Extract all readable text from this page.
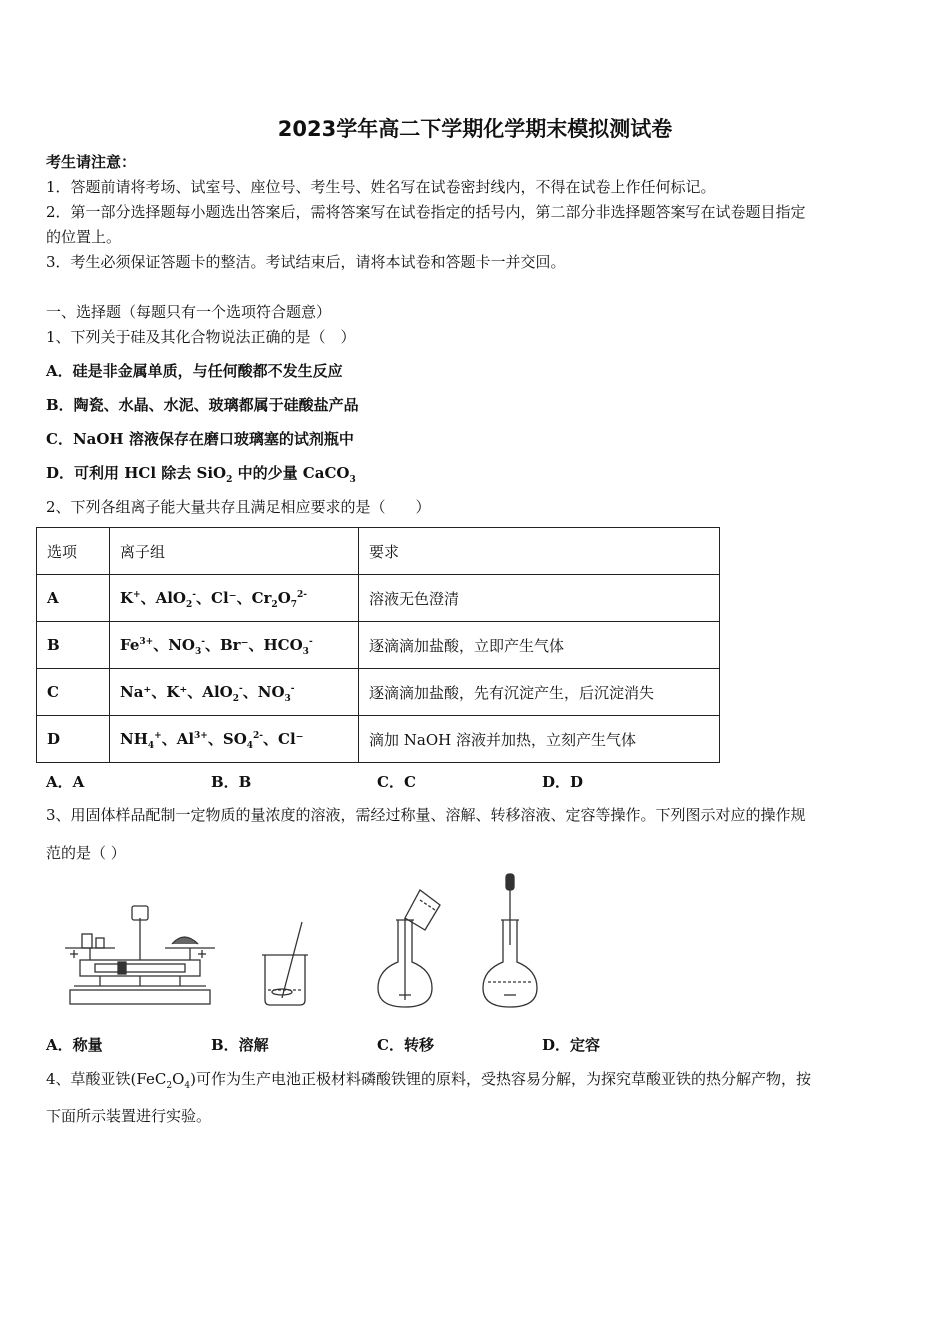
2023学年高二下学期化学期末模拟测试卷
考生请注意：
1．答题前请将考场、试室号、座位号、考生号、姓名写在试卷密封线内，不得在试卷上作任何标记。
2．第一部分选择题每小题选出答案后，需将答案写在试卷指定的括号内，第二部分非选择题答案写在试卷题目指定
的位置上。
3．考生必须保证答题卡的整洁。考试结束后，请将本试卷和答题卡一并交回。
一、选择题（每题只有一个选项符合题意）
1、下列关于硅及其化合物说法正确的是（　）
A．硅是非金属单质，与任何酸都不发生反应
B．陶瓷、水晶、水泥、玻璃都属于硅酸盐产品
C．NaOH 溶液保存在磨口玻璃塞的试剂瓶中
D．可利用 HCl 除去 SiO$_2$ 中的少量 CaCO$_3$
2、下列各组离子能大量共存且满足相应要求的是（　　）
选项	离子组	要求
A	K+、AlO$_2$-、Cl⁻、$Cr_2O_7^{2-}$	溶液无色澄清
B	$Fe^{3+}$、$NO_3^-$、Br⁻、$HCO_3^-$	逐滴滴加盐酸，立即产生气体
C	Na⁺、K⁺、AlO$_2$-、$NO_3^-$	逐滴滴加盐酸，先有沉淀产生，后沉淀消失
D	$NH_4^+$、$Al^{3+}$、$SO_4^{2-}$、Cl⁻	滴加 NaOH 溶液并加热，立刻产生气体
A．A	B．B	C．C	D．D
3、用固体样品配制一定物质的量浓度的溶液，需经过称量、溶解、转移溶液、定容等操作。下列图示对应的操作规
范的是（ ）
A．称量	B．溶解	C．转移	D．定容
4、草酸亚铁$(FeC_2O_4)$可作为生产电池正极材料磷酸铁锂的原料，受热容易分解，为探究草酸亚铁的热分解产物，按
下面所示装置进行实验。
